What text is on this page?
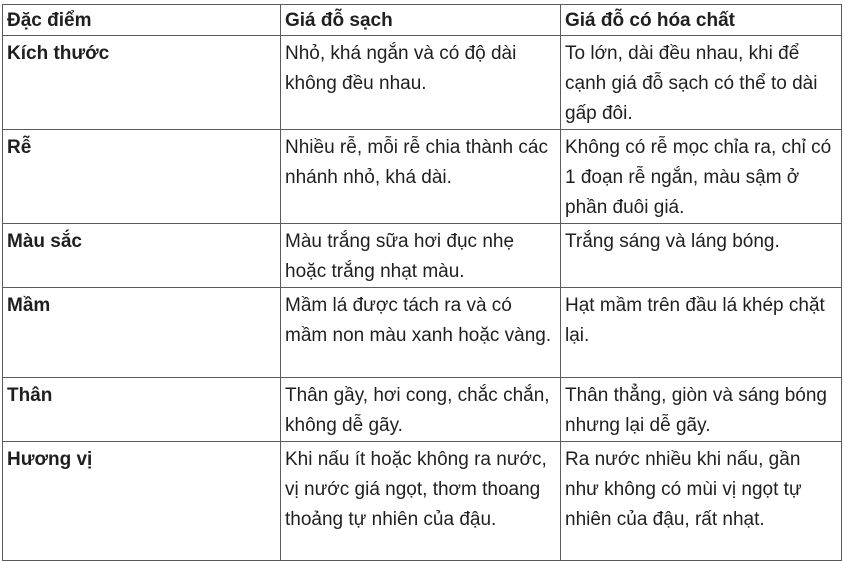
Đặc điểm	Giá đỗ sạch	Giá đỗ có hóa chất
Kích thước	Nhỏ, khá ngắn và có độ dài không đều nhau.	To lớn, dài đều nhau, khi để cạnh giá đỗ sạch có thể to dài gấp đôi.
Rễ	Nhiều rễ, mỗi rễ chia thành các nhánh nhỏ, khá dài.	Không có rễ mọc chỉa ra, chỉ có 1 đoạn rễ ngắn, màu sậm ở phần đuôi giá.
Màu sắc	Màu trắng sữa hơi đục nhẹ hoặc trắng nhạt màu.	Trắng sáng và láng bóng.
Mầm	Mầm lá được tách ra và có mầm non màu xanh hoặc vàng.	Hạt mầm trên đầu lá khép chặt lại.
Thân	Thân gầy, hơi cong, chắc chắn, không dễ gãy.	Thân thẳng, giòn và sáng bóng nhưng lại dễ gãy.
Hương vị	Khi nấu ít hoặc không ra nước, vị nước giá ngọt, thơm thoang thoảng tự nhiên của đậu.	Ra nước nhiều khi nấu, gần như không có mùi vị ngọt tự nhiên của đậu, rất nhạt.
